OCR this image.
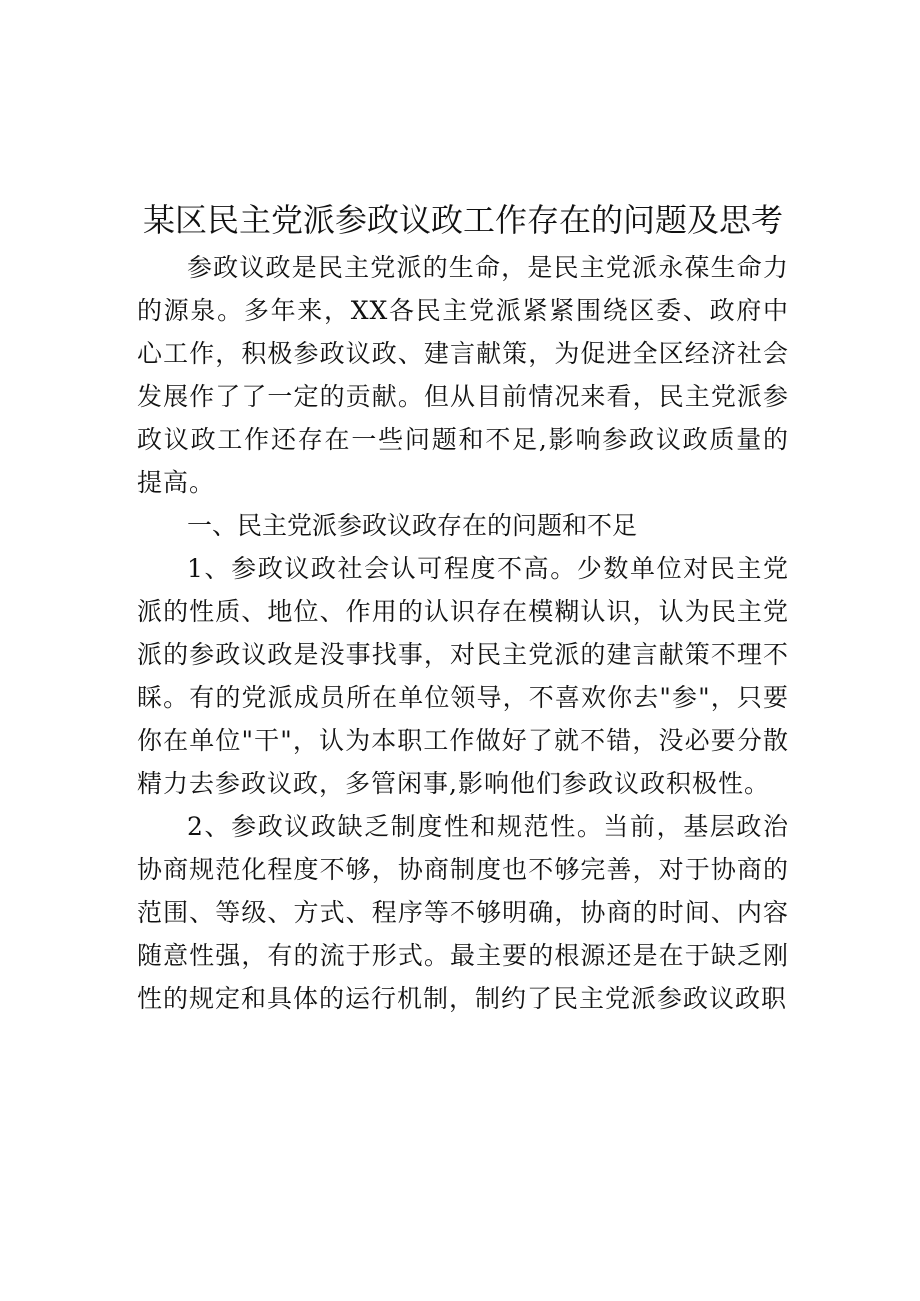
某区民主党派参政议政工作存在的问题及思考

参政议政是民主党派的生命，是民主党派永葆生命力的源泉。多年来，XX各民主党派紧紧围绕区委、政府中心工作，积极参政议政、建言献策，为促进全区经济社会发展作了了一定的贡献。但从目前情况来看，民主党派参政议政工作还存在一些问题和不足,影响参政议政质量的提高。

一、民主党派参政议政存在的问题和不足

1、参政议政社会认可程度不高。少数单位对民主党派的性质、地位、作用的认识存在模糊认识，认为民主党派的参政议政是没事找事，对民主党派的建言献策不理不睬。有的党派成员所在单位领导，不喜欢你去"参"，只要你在单位"干"，认为本职工作做好了就不错，没必要分散精力去参政议政，多管闲事,影响他们参政议政积极性。

2、参政议政缺乏制度性和规范性。当前，基层政治协商规范化程度不够，协商制度也不够完善，对于协商的范围、等级、方式、程序等不够明确，协商的时间、内容随意性强，有的流于形式。最主要的根源还是在于缺乏刚性的规定和具体的运行机制，制约了民主党派参政议政职
